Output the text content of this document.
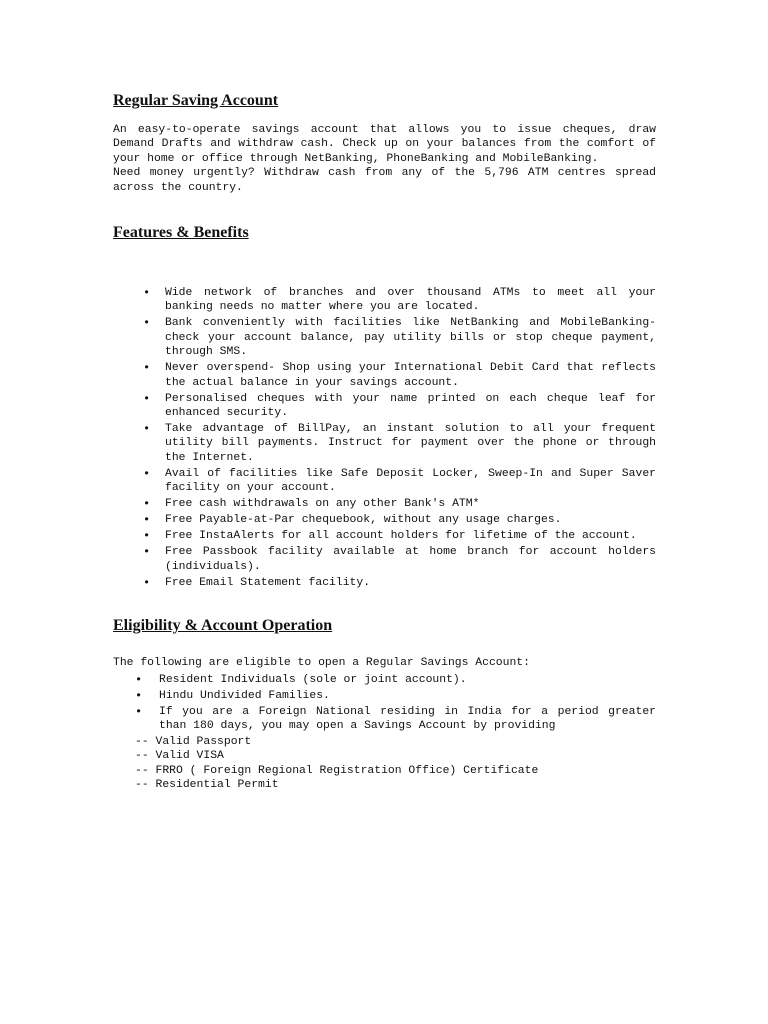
Regular Saving Account

An easy-to-operate savings account that allows you to issue cheques, draw Demand Drafts and withdraw cash. Check up on your balances from the comfort of your home or office through NetBanking, PhoneBanking and MobileBanking.

Need money urgently? Withdraw cash from any of the 5,796 ATM centres spread across the country.

Features & Benefits
• Wide network of branches and over thousand ATMs to meet all your banking needs no matter where you are located.
• Bank conveniently with facilities like NetBanking and MobileBanking- check your account balance, pay utility bills or stop cheque payment, through SMS.
• Never overspend- Shop using your International Debit Card that reflects the actual balance in your savings account.
• Personalised cheques with your name printed on each cheque leaf for enhanced security.
• Take advantage of BillPay, an instant solution to all your frequent utility bill payments. Instruct for payment over the phone or through the Internet.
• Avail of facilities like Safe Deposit Locker, Sweep-In and Super Saver facility on your account.
• Free cash withdrawals on any other Bank's ATM*
• Free Payable-at-Par chequebook, without any usage charges.
• Free InstaAlerts for all account holders for lifetime of the account.
• Free Passbook facility available at home branch for account holders (individuals).
• Free Email Statement facility.
Eligibility & Account Operation

The following are eligible to open a Regular Savings Account:

• Resident Individuals (sole or joint account).
• Hindu Undivided Families.
• If you are a Foreign National residing in India for a period greater than 180 days, you may open a Savings Account by providing
-- Valid Passport
-- Valid VISA
-- FRRO ( Foreign Regional Registration Office) Certificate
-- Residential Permit
